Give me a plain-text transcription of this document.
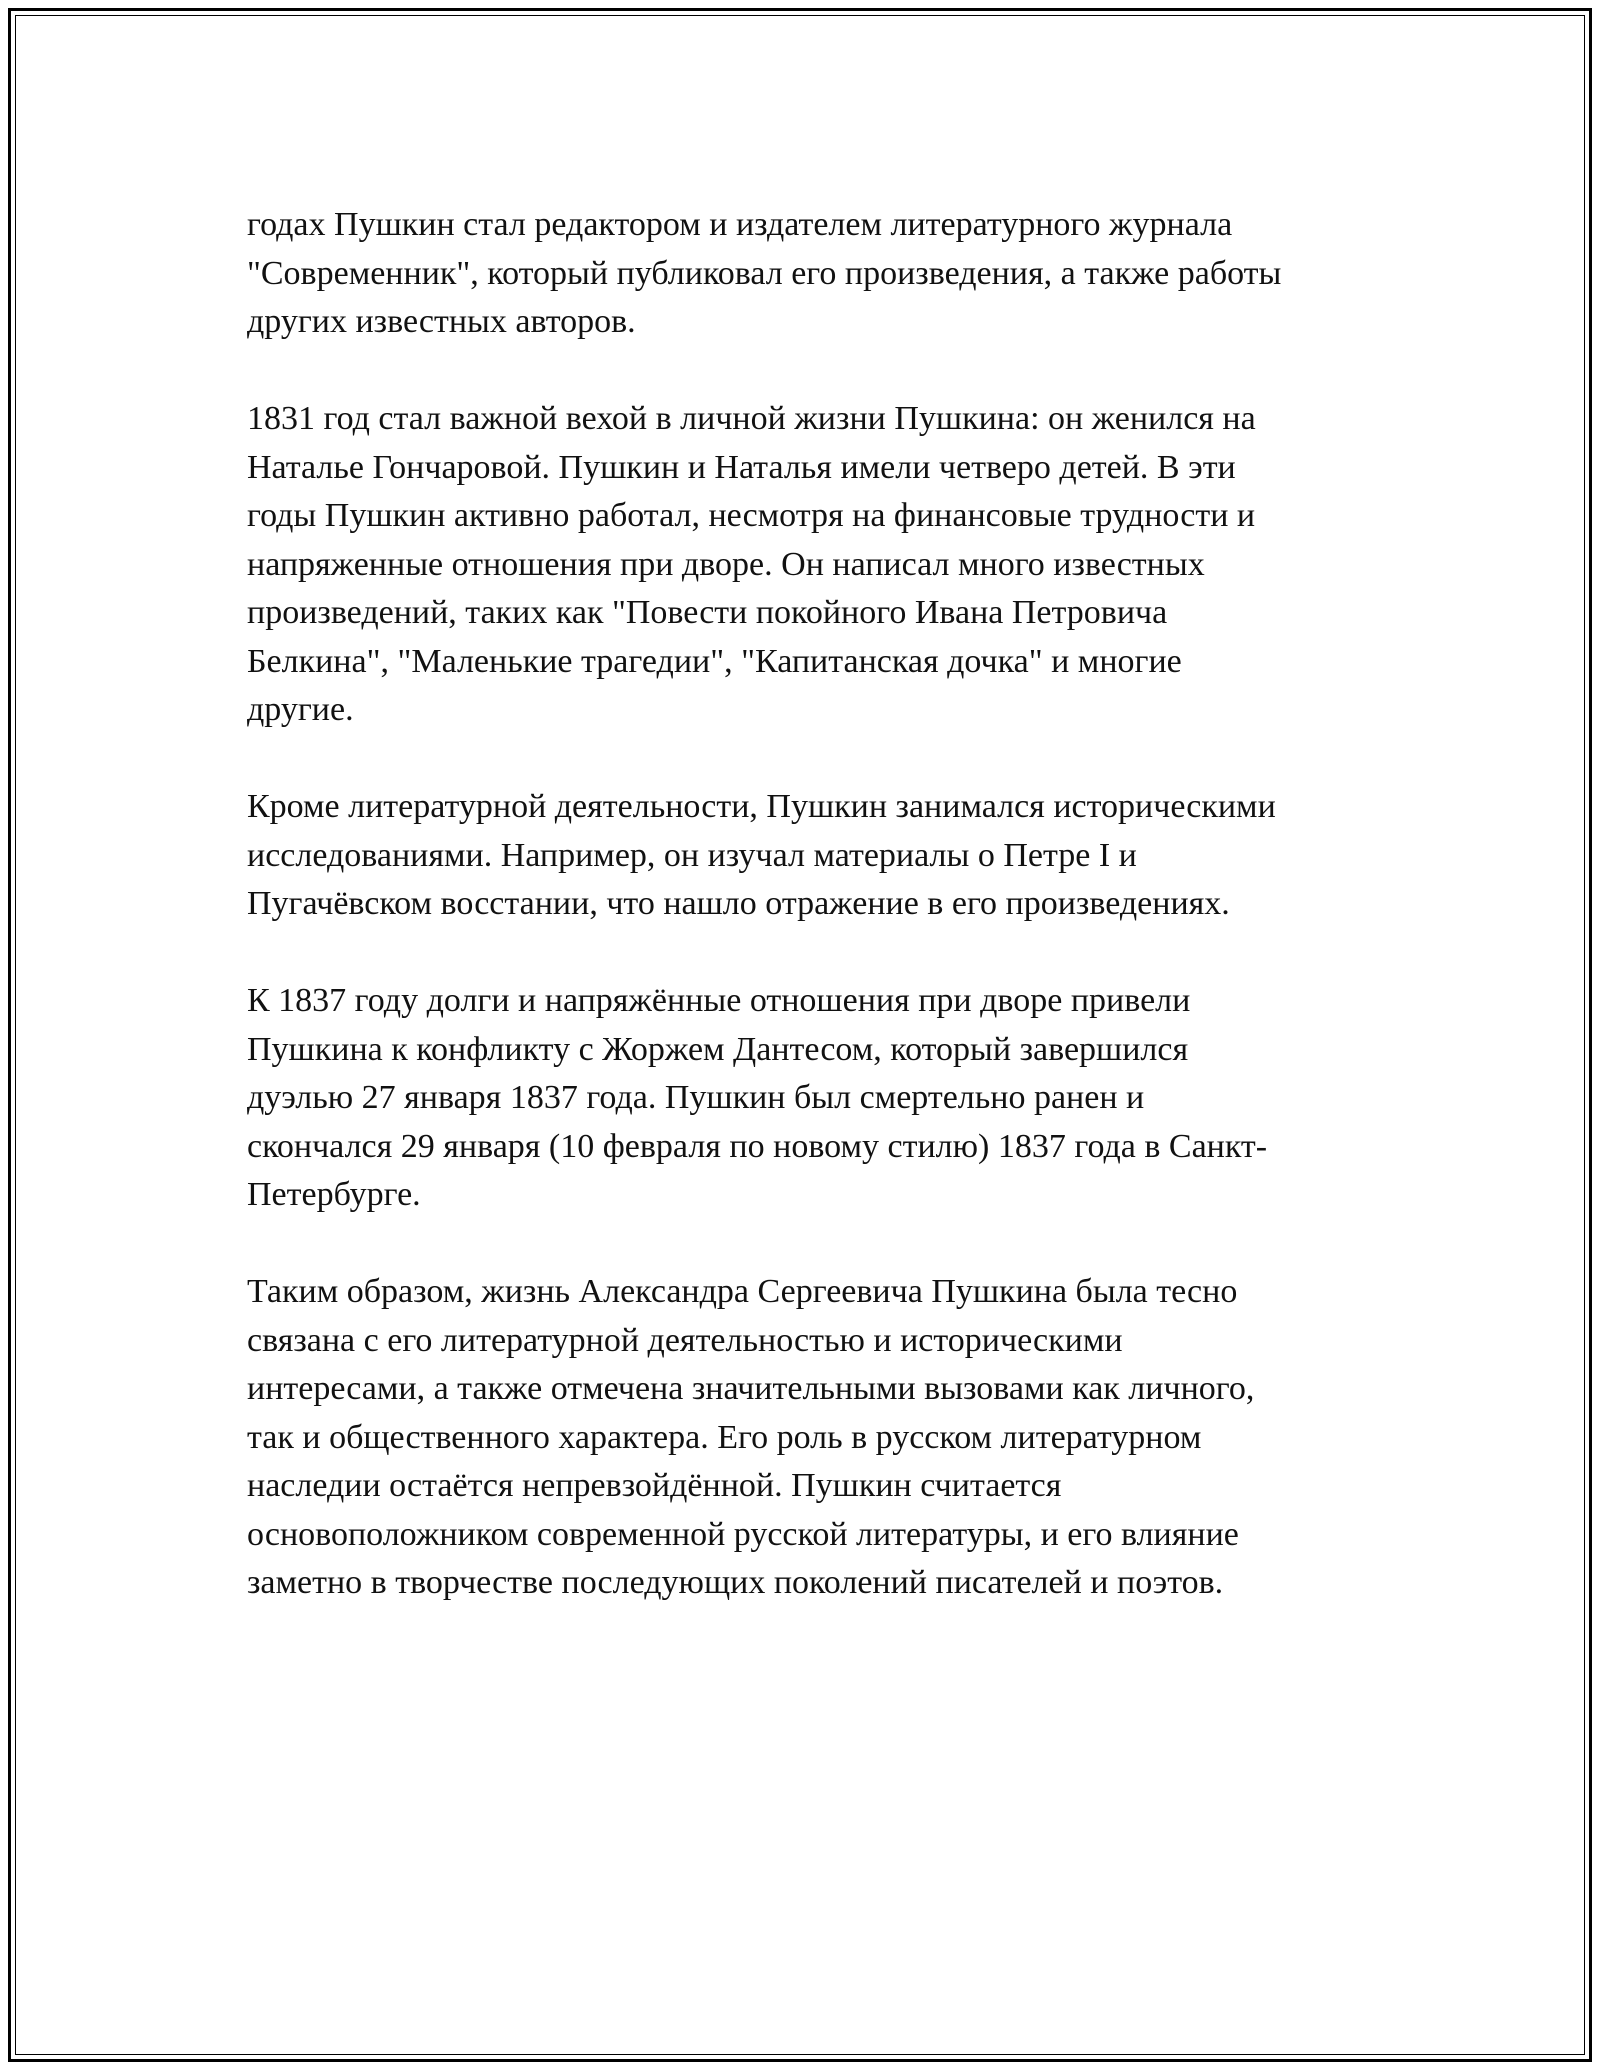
годах Пушкин стал редактором и издателем литературного журнала
"Современник", который публиковал его произведения, а также работы
других известных авторов.

1831 год стал важной вехой в личной жизни Пушкина: он женился на
Наталье Гончаровой. Пушкин и Наталья имели четверо детей. В эти
годы Пушкин активно работал, несмотря на финансовые трудности и
напряженные отношения при дворе. Он написал много известных
произведений, таких как "Повести покойного Ивана Петровича
Белкина", "Маленькие трагедии", "Капитанская дочка" и многие
другие.

Кроме литературной деятельности, Пушкин занимался историческими
исследованиями. Например, он изучал материалы о Петре I и
Пугачёвском восстании, что нашло отражение в его произведениях.

К 1837 году долги и напряжённые отношения при дворе привели
Пушкина к конфликту с Жоржем Дантесом, который завершился
дуэлью 27 января 1837 года. Пушкин был смертельно ранен и
скончался 29 января (10 февраля по новому стилю) 1837 года в Санкт-
Петербурге.

Таким образом, жизнь Александра Сергеевича Пушкина была тесно
связана с его литературной деятельностью и историческими
интересами, а также отмечена значительными вызовами как личного,
так и общественного характера. Его роль в русском литературном
наследии остаётся непревзойдённой. Пушкин считается
основоположником современной русской литературы, и его влияние
заметно в творчестве последующих поколений писателей и поэтов.
